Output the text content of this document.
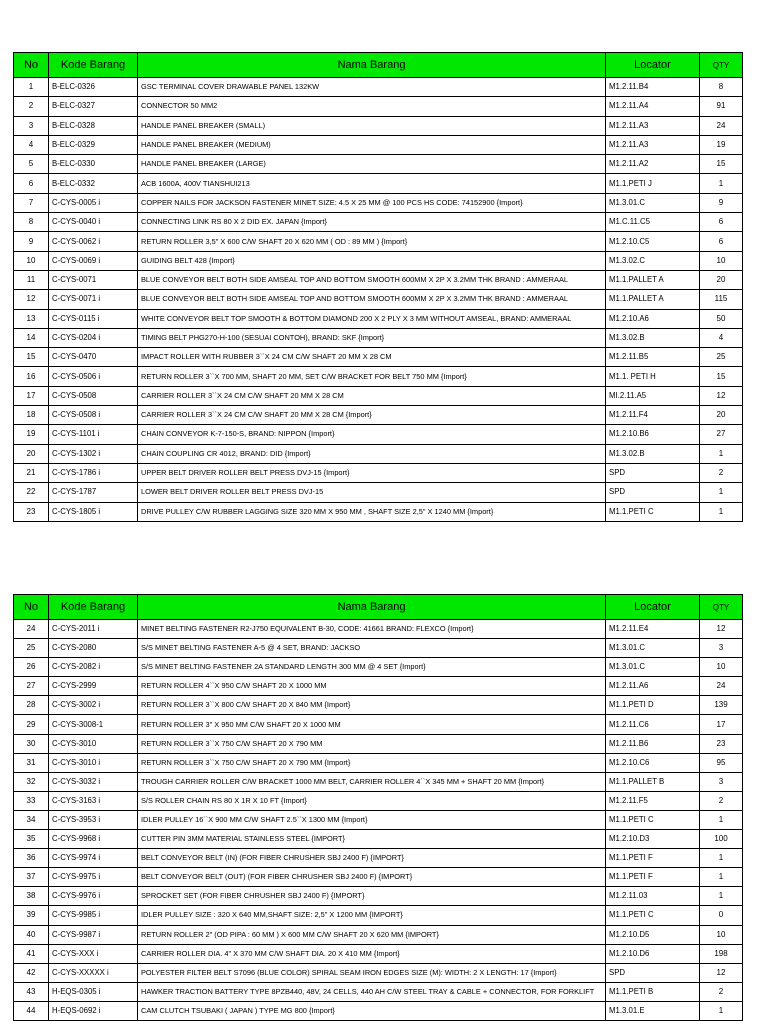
No	Kode Barang	Nama Barang	Locator	QTY
1	B-ELC-0326	GSC TERMINAL COVER DRAWABLE PANEL 132KW	M1.2.11.B4	8
2	B-ELC-0327	CONNECTOR 50 MM2	M1.2.11.A4	91
3	B-ELC-0328	HANDLE PANEL BREAKER (SMALL)	M1.2.11.A3	24
4	B-ELC-0329	HANDLE PANEL BREAKER (MEDIUM)	M1.2.11.A3	19
5	B-ELC-0330	HANDLE PANEL BREAKER (LARGE)	M1.2.11.A2	15
6	B-ELC-0332	ACB 1600A, 400V TIANSHUI213	M1.1.PETI J	1
7	C-CYS-0005 i	COPPER NAILS FOR JACKSON FASTENER MINET SIZE: 4.5 X 25 MM @ 100 PCS HS CODE: 74152900 {Import}	M1.3.01.C	9
8	C-CYS-0040 i	CONNECTING LINK RS 80 X 2 DID EX. JAPAN {Import}	M1.C.11.C5	6
9	C-CYS-0062 i	RETURN ROLLER 3,5" X 600 C/W SHAFT 20 X 620 MM ( OD : 89 MM ) {Import}	M1.2.10.C5	6
10	C-CYS-0069 i	GUIDING BELT 428 {Import}	M1.3.02.C	10
11	C-CYS-0071	BLUE CONVEYOR BELT BOTH SIDE AMSEAL TOP AND BOTTOM SMOOTH 600MM X 2P X 3.2MM THK BRAND : AMMERAAL	M1.1.PALLET A	20
12	C-CYS-0071 i	BLUE CONVEYOR BELT BOTH SIDE AMSEAL TOP AND BOTTOM SMOOTH 600MM X 2P X 3.2MM THK BRAND : AMMERAAL	M1.1.PALLET A	115
13	C-CYS-0115 i	WHITE CONVEYOR BELT TOP SMOOTH & BOTTOM DIAMOND 200 X 2 PLY X 3 MM WITHOUT AMSEAL, BRAND: AMMERAAL	M1.2.10.A6	50
14	C-CYS-0204 i	TIMING BELT PHG270-H-100 (SESUAI CONTOH), BRAND: SKF {Import}	M1.3.02.B	4
15	C-CYS-0470	IMPACT ROLLER WITH RUBBER 3``X 24 CM C/W SHAFT 20 MM X 28 CM	M1.2.11.B5	25
16	C-CYS-0506 i	RETURN ROLLER 3``X 700 MM, SHAFT 20 MM, SET C/W BRACKET FOR BELT 750 MM {Import}	M1.1. PETI H	15
17	C-CYS-0508	CARRIER ROLLER 3``X 24 CM C/W SHAFT 20 MM X 28 CM	MI.2.11.A5	12
18	C-CYS-0508 i	CARRIER ROLLER 3``X 24 CM C/W SHAFT 20 MM X 28 CM {Import}	M1.2.11.F4	20
19	C-CYS-1101 i	CHAIN CONVEYOR K-7-150-S, BRAND: NIPPON {Import}	M1.2.10.B6	27
20	C-CYS-1302 i	CHAIN COUPLING CR 4012, BRAND: DID {Import}	M1.3.02.B	1
21	C-CYS-1786 i	UPPER BELT DRIVER ROLLER BELT PRESS DVJ-15 {Import}	SPD	2
22	C-CYS-1787	LOWER BELT DRIVER ROLLER BELT PRESS DVJ-15	SPD	1
23	C-CYS-1805 i	DRIVE PULLEY C/W RUBBER LAGGING SIZE 320 MM X 950 MM , SHAFT SIZE 2,5" X 1240 MM {Import}	M1.1.PETI C	1
No	Kode Barang	Nama Barang	Locator	QTY
24	C-CYS-2011 i	MINET BELTING FASTENER R2-J750 EQUIVALENT B-30, CODE: 41661 BRAND: FLEXCO {Import}	M1.2.11.E4	12
25	C-CYS-2080	S/S MINET BELTING FASTENER A-5 @ 4 SET, BRAND: JACKSO	M1.3.01.C	3
26	C-CYS-2082 i	S/S MINET BELTING FASTENER 2A STANDARD LENGTH 300 MM @ 4 SET {Import}	M1.3.01.C	10
27	C-CYS-2999	RETURN ROLLER 4``X 950 C/W SHAFT 20 X 1000 MM	M1.2.11.A6	24
28	C-CYS-3002 i	RETURN ROLLER 3``X 800 C/W SHAFT 20 X 840 MM {Import}	M1.1.PETI D	139
29	C-CYS-3008-1	RETURN ROLLER 3" X 950 MM C/W SHAFT 20 X 1000 MM	M1.2.11.C6	17
30	C-CYS-3010	RETURN ROLLER 3``X 750 C/W SHAFT 20 X 790 MM	M1.2.11.B6	23
31	C-CYS-3010 i	RETURN ROLLER 3``X 750 C/W SHAFT 20 X 790 MM {Import}	M1.2.10.C6	95
32	C-CYS-3032 i	TROUGH CARRIER ROLLER C/W BRACKET 1000 MM BELT, CARRIER ROLLER 4``X 345 MM + SHAFT 20 MM {Import}	M1.1.PALLET B	3
33	C-CYS-3163 i	S/S ROLLER CHAIN RS 80 X 1R X 10 FT {Import}	M1.2.11.F5	2
34	C-CYS-3953 i	IDLER PULLEY 16``X 900 MM C/W SHAFT 2.5``X 1300 MM {Import}	M1.1.PETI C	1
35	C-CYS-9968 i	CUTTER PIN 3MM MATERIAL STAINLESS STEEL {IMPORT}	M1.2.10.D3	100
36	C-CYS-9974 i	BELT CONVEYOR BELT (IN) (FOR FIBER CHRUSHER SBJ 2400 F) {IMPORT}	M1.1.PETI F	1
37	C-CYS-9975 i	BELT CONVEYOR BELT (OUT) (FOR FIBER CHRUSHER SBJ 2400 F) {IMPORT}	M1.1.PETI F	1
38	C-CYS-9976 i	SPROCKET SET (FOR FIBER CHRUSHER SBJ 2400 F) {IMPORT}	M1.2.11.03	1
39	C-CYS-9985 i	IDLER PULLEY SIZE : 320 X 640 MM,SHAFT SIZE: 2,5" X 1200 MM {IMPORT}	M1.1.PETI C	0
40	C-CYS-9987 i	RETURN ROLLER 2" (OD PIPA : 60 MM ) X 600 MM C/W SHAFT 20 X 620 MM {IMPORT}	M1.2.10.D5	10
41	C-CYS-XXX i	CARRIER ROLLER DIA. 4" X 370 MM C/W SHAFT DIA. 20 X 410 MM {Import}	M1.2.10.D6	198
42	C-CYS-XXXXX i	POLYESTER FILTER BELT S7096 (BLUE COLOR) SPIRAL SEAM IRON EDGES SIZE (M): WIDTH: 2 X LENGTH: 17 {Import}	SPD	12
43	H-EQS-0305 i	HAWKER TRACTION BATTERY TYPE 8PZB440, 48V, 24 CELLS, 440 AH C/W STEEL TRAY & CABLE + CONNECTOR, FOR FORKLIFT	M1.1.PETI B	2
44	H-EQS-0692 i	CAM CLUTCH TSUBAKI ( JAPAN ) TYPE MG 800 {Import}	M1.3.01.E	1
